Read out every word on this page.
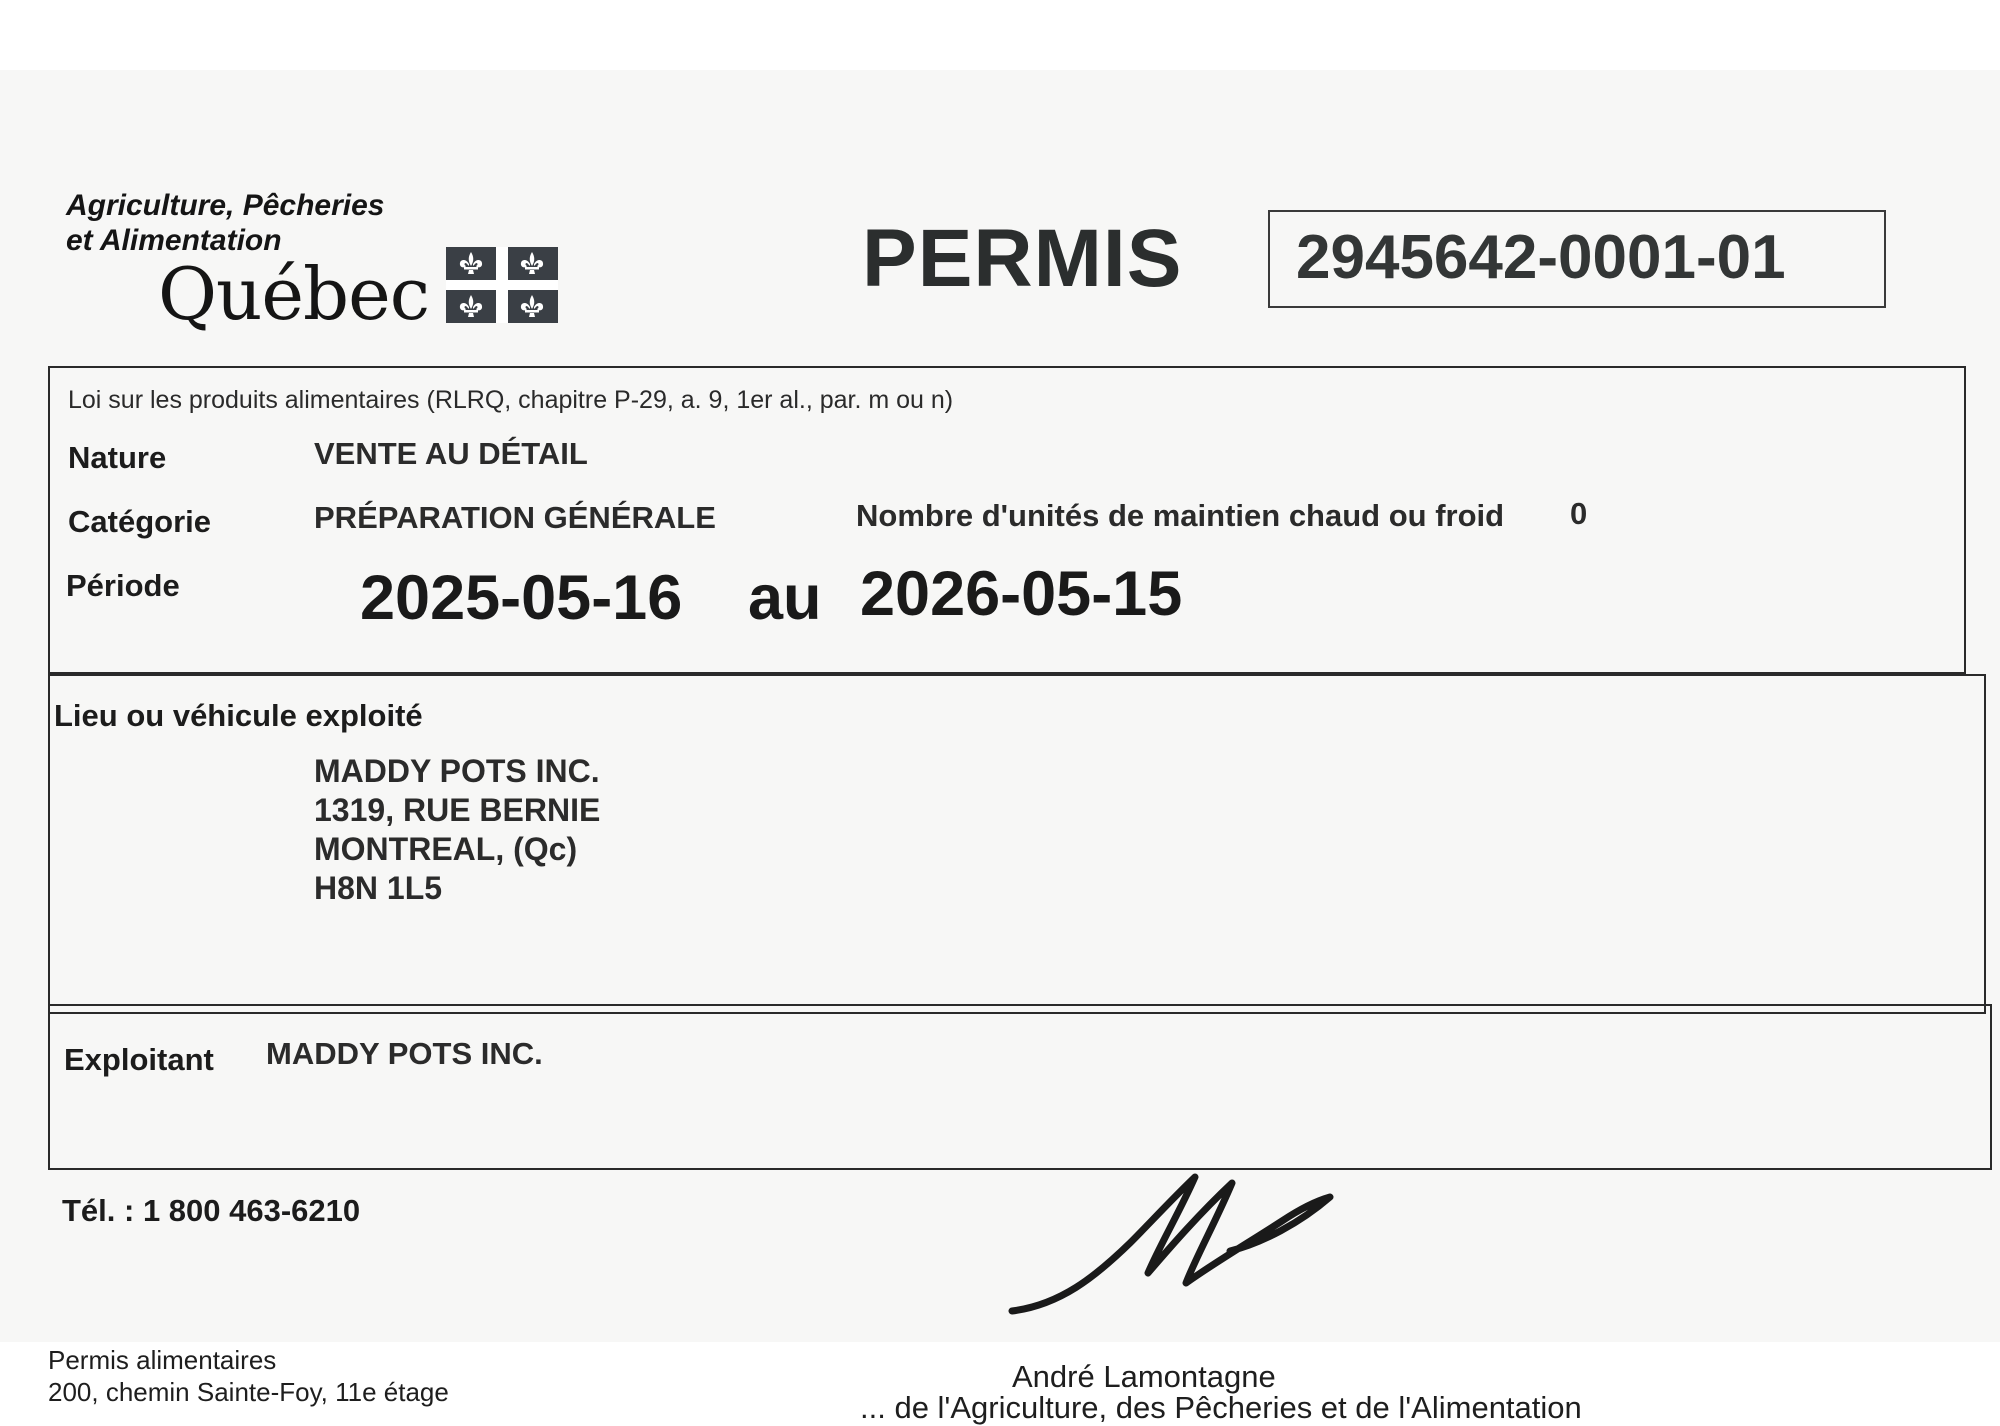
Agriculture, Pêcheries
et Alimentation
Québec	PERMIS 2945642-0001-01
Loi sur les produits alimentaires (RLRQ, chapitre P-29, a. 9, 1er al., par. m ou n)
Nature	VENTE AU DÉTAIL
Catégorie	PRÉPARATION GÉNÉRALE	Nombre d'unités de maintien chaud ou froid 0
Période	2025-05-16 au 2026-05-15
Lieu ou véhicule exploité
MADDY POTS INC.
1319, RUE BERNIE
MONTREAL, (Qc)
H8N 1L5
Exploitant MADDY POTS INC.
Tél. : 1 800 463-6210
Permis alimentaires
200, chemin Sainte-Foy, 11e étage	André Lamontagne
... de l'Agriculture, des Pêcheries et de l'Alimentation
